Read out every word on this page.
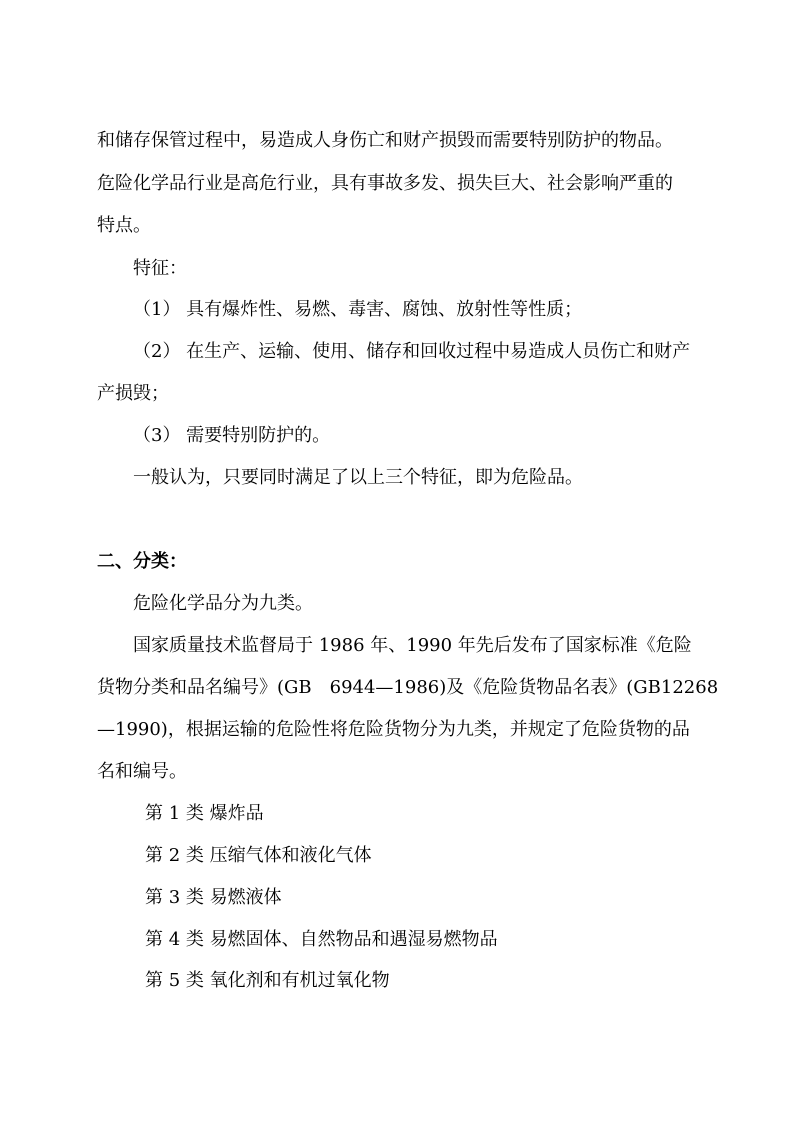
和储存保管过程中，易造成人身伤亡和财产损毁而需要特别防护的物品。
危险化学品行业是高危行业，具有事故多发、损失巨大、社会影响严重的
特点。
特征：
（1） 具有爆炸性、易燃、毒害、腐蚀、放射性等性质；
（2） 在生产、运输、使用、储存和回收过程中易造成人员伤亡和财产
产损毁；
（3） 需要特别防护的。
一般认为，只要同时满足了以上三个特征，即为危险品。
二、分类：
危险化学品分为九类。
国家质量技术监督局于 1986 年、1990 年先后发布了国家标准《危险
货物分类和品名编号》(GB　6944—1986)及《危险货物品名表》(GB12268
—1990)，根据运输的危险性将危险货物分为九类，并规定了危险货物的品
名和编号。
第 1 类 爆炸品
第 2 类 压缩气体和液化气体
第 3 类 易燃液体
第 4 类 易燃固体、自然物品和遇湿易燃物品
第 5 类 氧化剂和有机过氧化物
